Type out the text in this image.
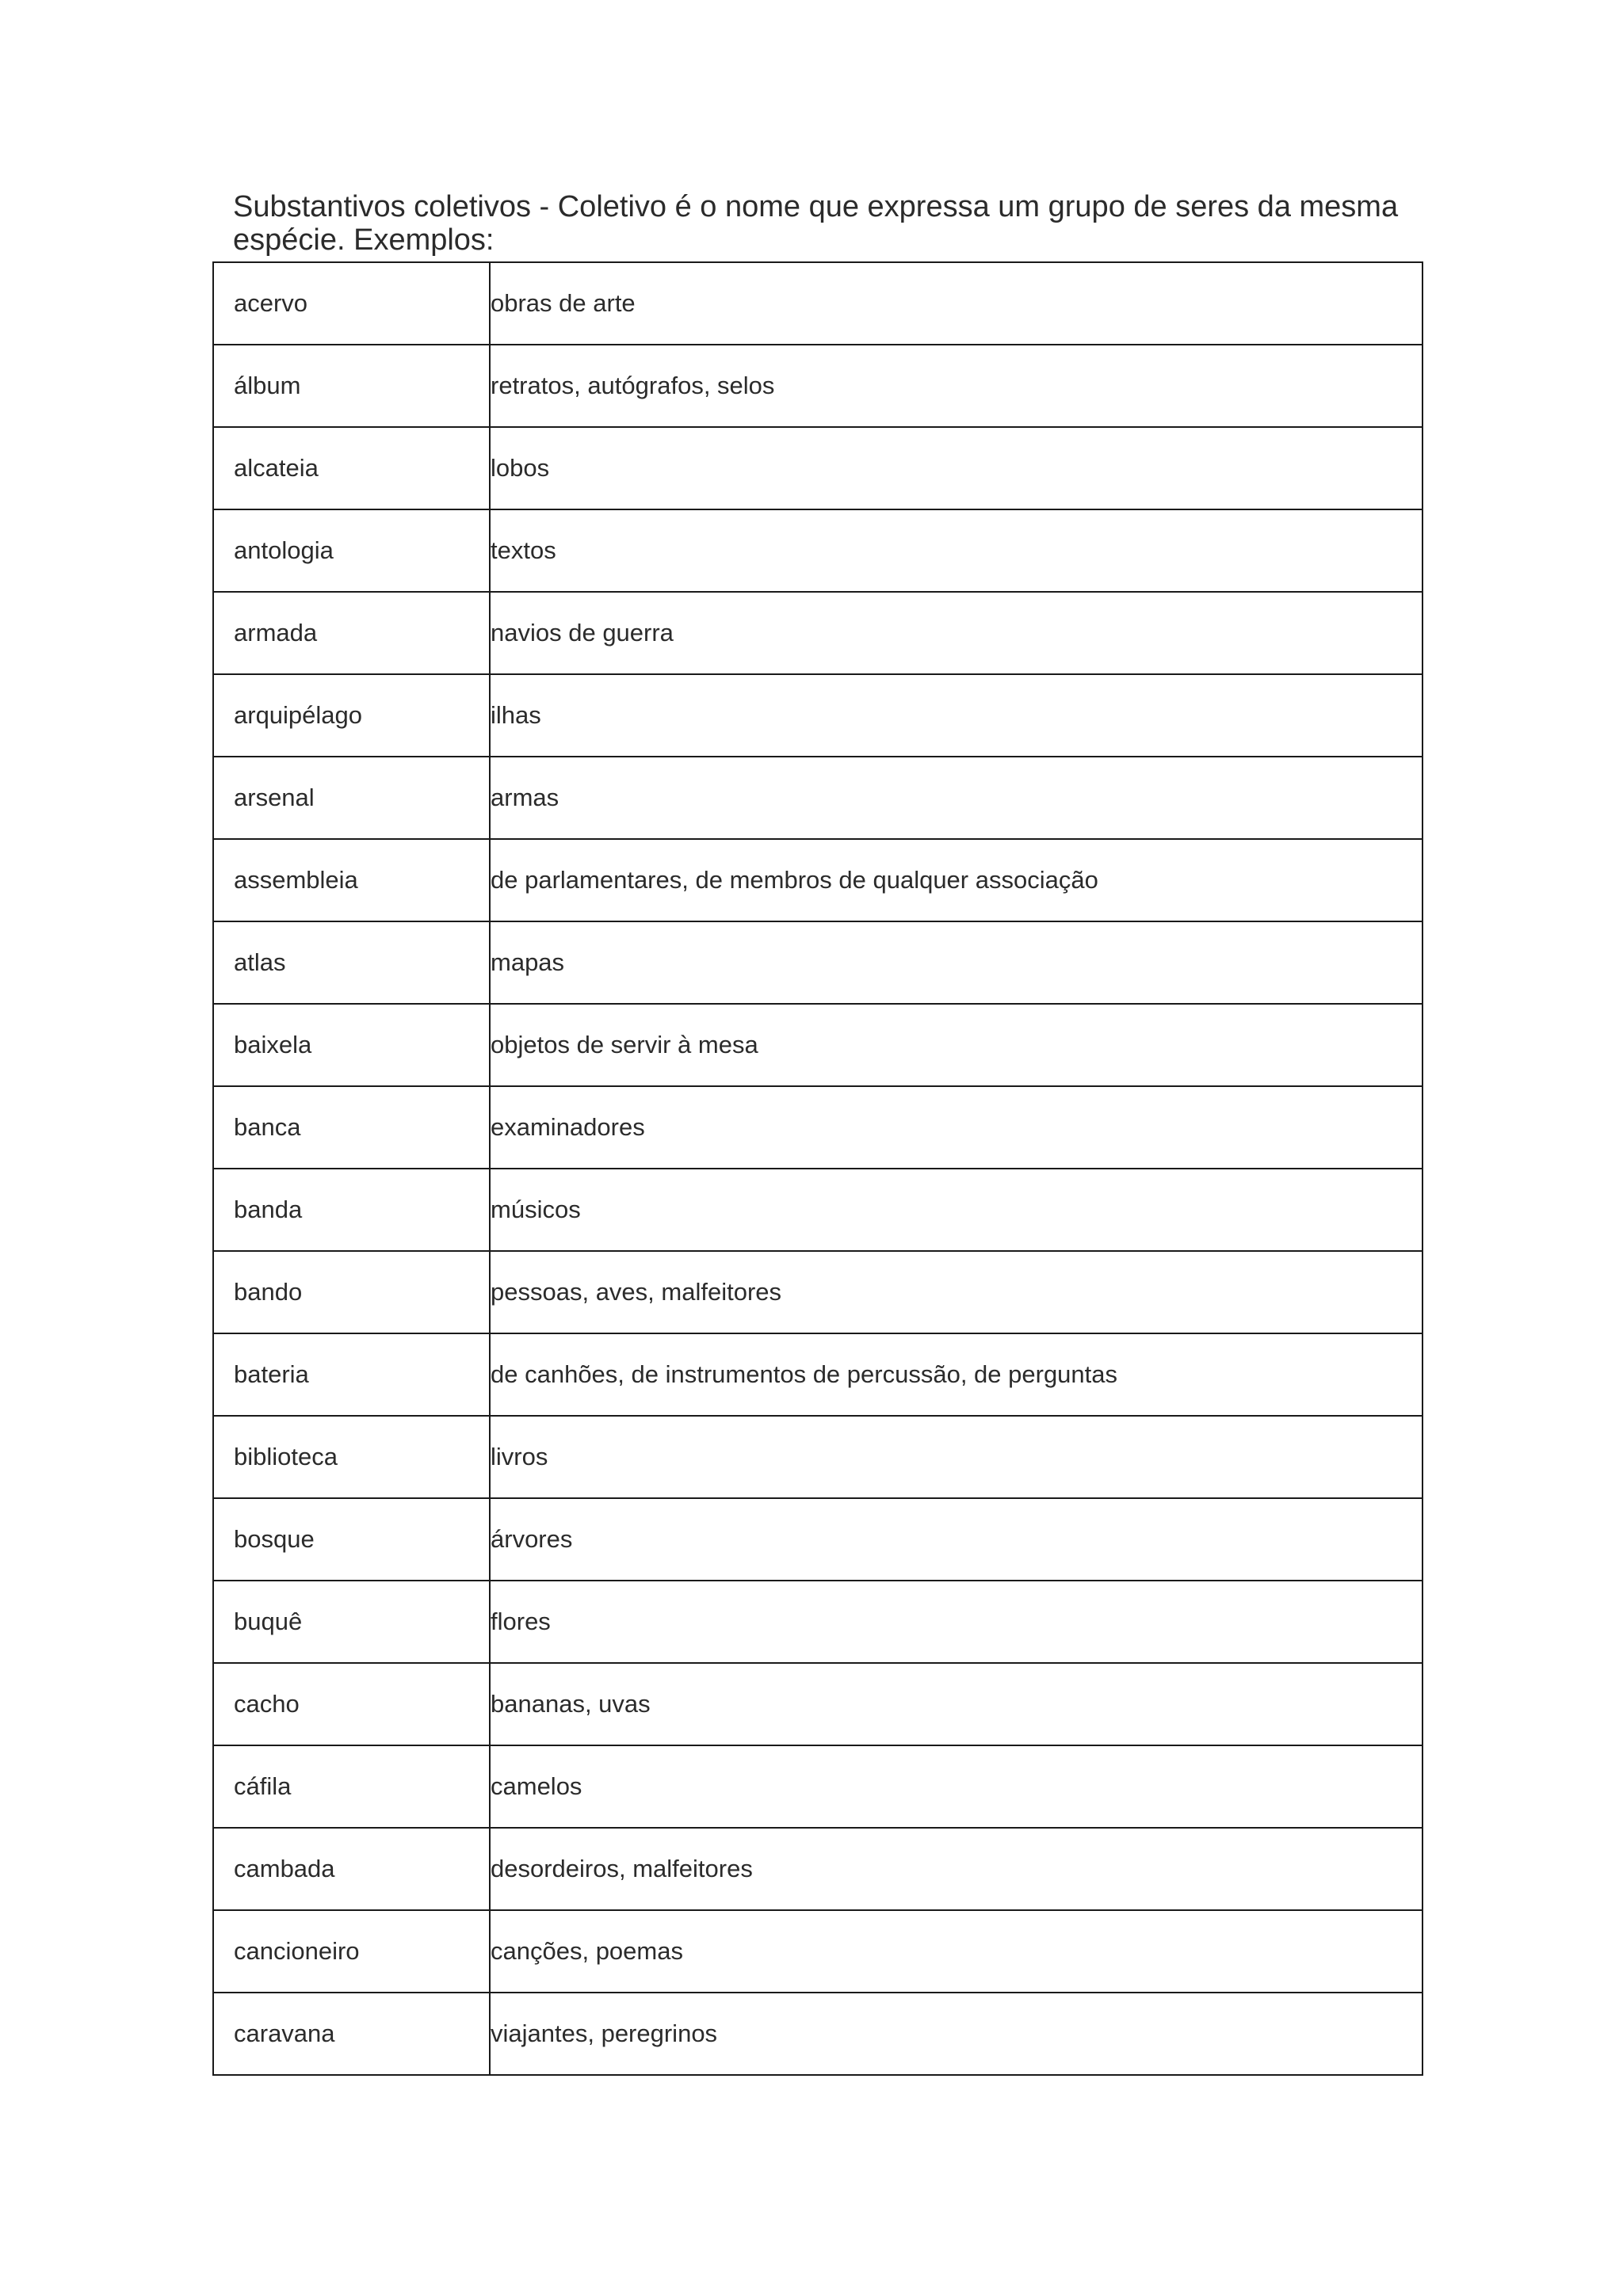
Substantivos coletivos - Coletivo é o nome que expressa um grupo de seres da mesma espécie. Exemplos:

acervo	obras de arte
álbum	retratos, autógrafos, selos
alcateia	lobos
antologia	textos
armada	navios de guerra
arquipélago	ilhas
arsenal	armas
assembleia	de parlamentares, de membros de qualquer associação
atlas	mapas
baixela	objetos de servir à mesa
banca	examinadores
banda	músicos
bando	pessoas, aves, malfeitores
bateria	de canhões, de instrumentos de percussão, de perguntas
biblioteca	livros
bosque	árvores
buquê	flores
cacho	bananas, uvas
cáfila	camelos
cambada	desordeiros, malfeitores
cancioneiro	canções, poemas
caravana	viajantes, peregrinos
